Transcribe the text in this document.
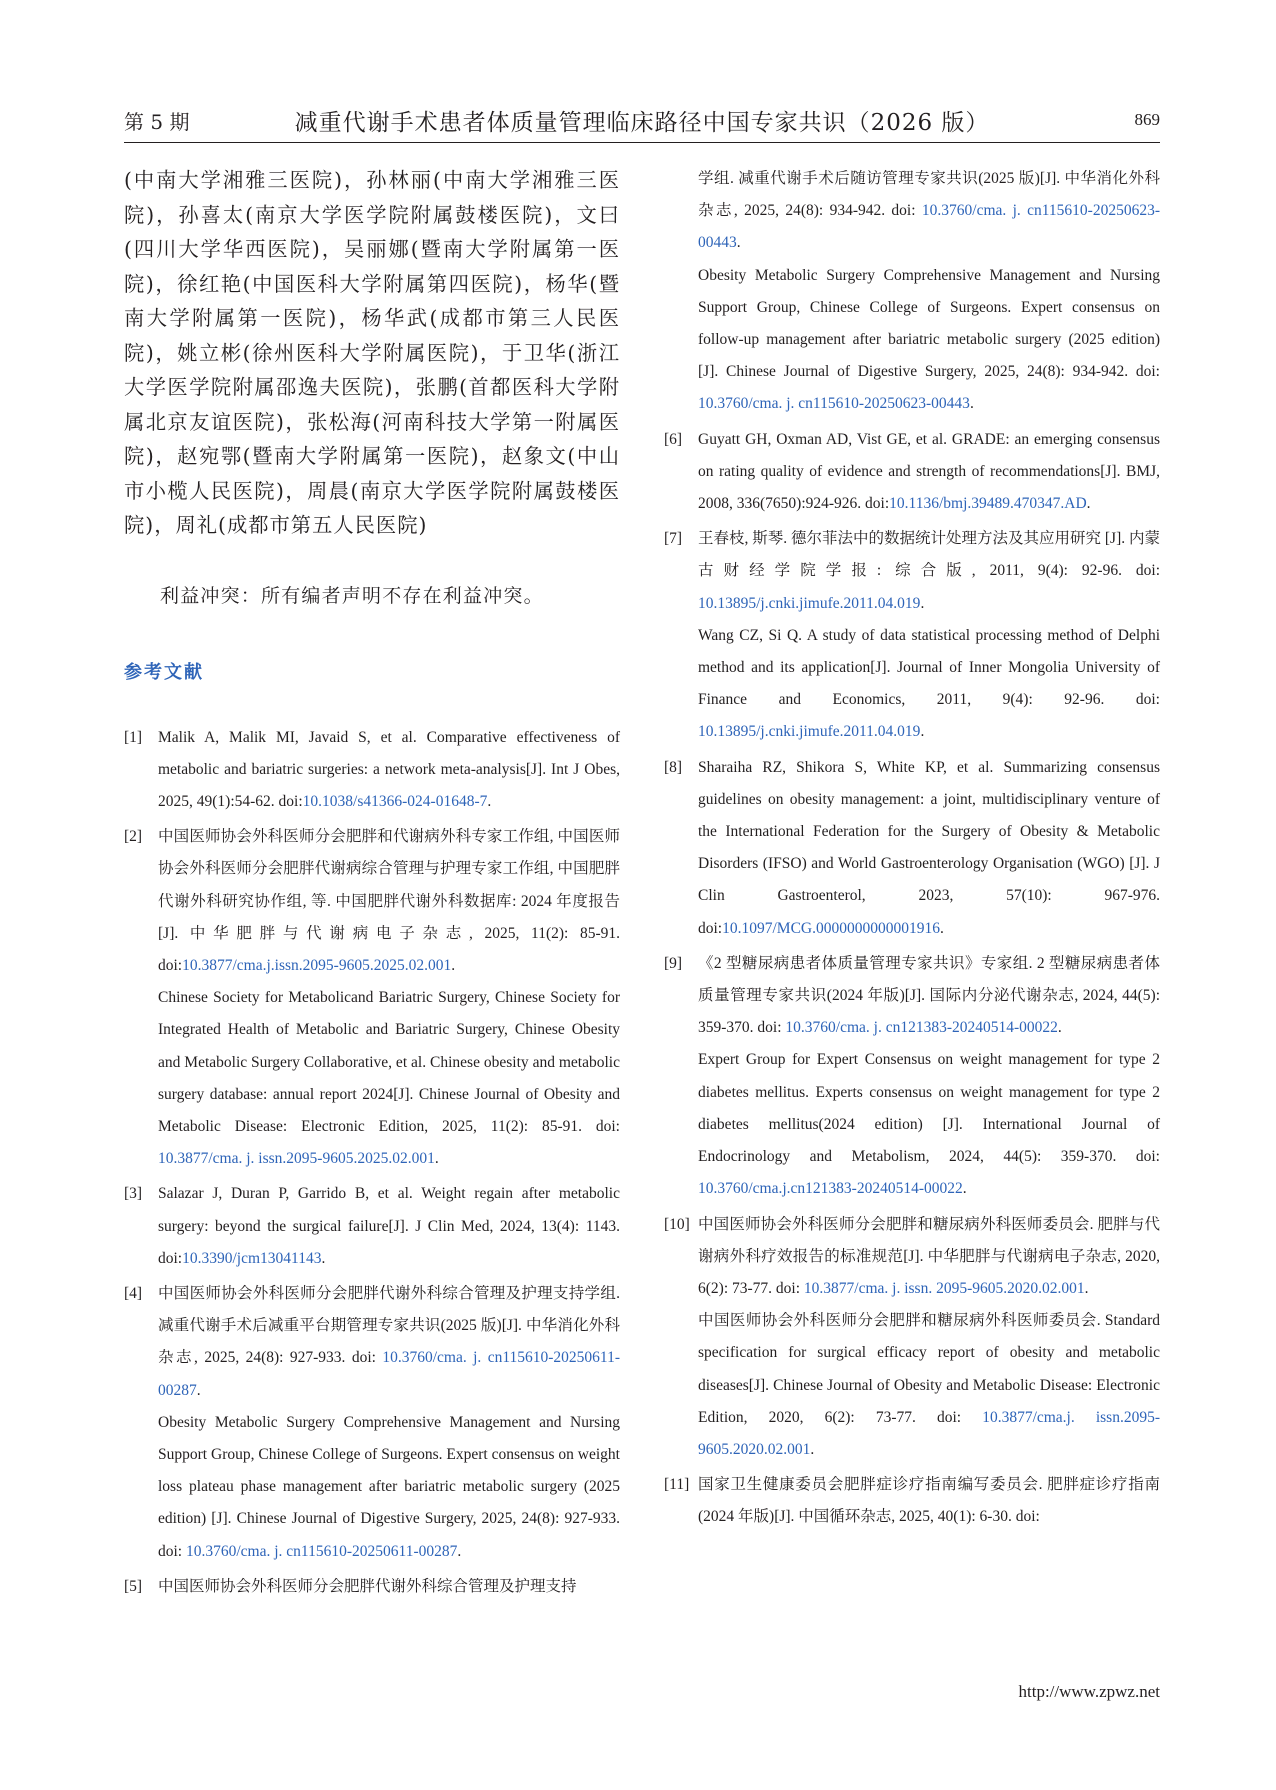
第 5 期	减重代谢手术患者体质量管理临床路径中国专家共识（2026 版）	869

(中南大学湘雅三医院)，孙林丽(中南大学湘雅三医院)，孙喜太(南京大学医学院附属鼓楼医院)，文曰(四川大学华西医院)，吴丽娜(暨南大学附属第一医院)，徐红艳(中国医科大学附属第四医院)，杨华(暨南大学附属第一医院)，杨华武(成都市第三人民医院)，姚立彬(徐州医科大学附属医院)，于卫华(浙江大学医学院附属邵逸夫医院)，张鹏(首都医科大学附属北京友谊医院)，张松海(河南科技大学第一附属医院)，赵宛鄂(暨南大学附属第一医院)，赵象文(中山市小榄人民医院)，周晨(南京大学医学院附属鼓楼医院)，周礼(成都市第五人民医院)

利益冲突：所有编者声明不存在利益冲突。
参考文献
[1] Malik A, Malik MI, Javaid S, et al. Comparative effectiveness of metabolic and bariatric surgeries: a network meta-analysis[J]. Int J Obes, 2025, 49(1):54-62. doi:10.1038/s41366-024-01648-7.

[2] 中国医师协会外科医师分会肥胖和代谢病外科专家工作组, 中国医师协会外科医师分会肥胖代谢病综合管理与护理专家工作组, 中国肥胖代谢外科研究协作组, 等. 中国肥胖代谢外科数据库: 2024 年度报告[J]. 中华肥胖与代谢病电子杂志, 2025, 11(2): 85-91. doi:10.3877/cma.j.issn.2095-9605.2025.02.001.

Chinese Society for Metabolicand Bariatric Surgery, Chinese Society for Integrated Health of Metabolic and Bariatric Surgery, Chinese Obesity and Metabolic Surgery Collaborative, et al. Chinese obesity and metabolic surgery database: annual report 2024[J]. Chinese Journal of Obesity and Metabolic Disease: Electronic Edition, 2025, 11(2): 85-91. doi: 10.3877/cma. j. issn.2095-9605.2025.02.001.

[3] Salazar J, Duran P, Garrido B, et al. Weight regain after metabolic surgery: beyond the surgical failure[J]. J Clin Med, 2024, 13(4): 1143. doi:10.3390/jcm13041143.

[4] 中国医师协会外科医师分会肥胖代谢外科综合管理及护理支持学组. 减重代谢手术后减重平台期管理专家共识(2025 版)[J]. 中华消化外科杂志, 2025, 24(8): 927-933. doi: 10.3760/cma. j. cn115610-20250611-00287.

Obesity Metabolic Surgery Comprehensive Management and Nursing Support Group, Chinese College of Surgeons. Expert consensus on weight loss plateau phase management after bariatric metabolic surgery (2025 edition) [J]. Chinese Journal of Digestive Surgery, 2025, 24(8): 927-933. doi: 10.3760/cma. j. cn115610-20250611-00287.

[5] 中国医师协会外科医师分会肥胖代谢外科综合管理及护理支持

学组. 减重代谢手术后随访管理专家共识(2025 版)[J]. 中华消化外科杂志, 2025, 24(8): 934-942. doi: 10.3760/cma. j. cn115610-20250623-00443.

Obesity Metabolic Surgery Comprehensive Management and Nursing Support Group, Chinese College of Surgeons. Expert consensus on follow-up management after bariatric metabolic surgery (2025 edition) [J]. Chinese Journal of Digestive Surgery, 2025, 24(8): 934-942. doi: 10.3760/cma. j. cn115610-20250623-00443.

[6] Guyatt GH, Oxman AD, Vist GE, et al. GRADE: an emerging consensus on rating quality of evidence and strength of recommendations[J]. BMJ, 2008, 336(7650):924-926. doi:10.1136/bmj.39489.470347.AD.

[7] 王春枝, 斯琴. 德尔菲法中的数据统计处理方法及其应用研究 [J]. 内蒙古财经学院学报: 综合版, 2011, 9(4): 92-96. doi: 10.13895/j.cnki.jimufe.2011.04.019.

Wang CZ, Si Q. A study of data statistical processing method of Delphi method and its application[J]. Journal of Inner Mongolia University of Finance and Economics, 2011, 9(4): 92-96. doi: 10.13895/j.cnki.jimufe.2011.04.019.

[8] Sharaiha RZ, Shikora S, White KP, et al. Summarizing consensus guidelines on obesity management: a joint, multidisciplinary venture of the International Federation for the Surgery of Obesity & Metabolic Disorders (IFSO) and World Gastroenterology Organisation (WGO) [J]. J Clin Gastroenterol, 2023, 57(10): 967-976. doi:10.1097/MCG.0000000000001916.

[9] 《2 型糖尿病患者体质量管理专家共识》专家组. 2 型糖尿病患者体质量管理专家共识(2024 年版)[J]. 国际内分泌代谢杂志, 2024, 44(5): 359-370. doi: 10.3760/cma. j. cn121383-20240514-00022.

Expert Group for Expert Consensus on weight management for type 2 diabetes mellitus. Experts consensus on weight management for type 2 diabetes mellitus(2024 edition) [J]. International Journal of Endocrinology and Metabolism, 2024, 44(5): 359-370. doi: 10.3760/cma.j.cn121383-20240514-00022.

[10] 中国医师协会外科医师分会肥胖和糖尿病外科医师委员会. 肥胖与代谢病外科疗效报告的标准规范[J]. 中华肥胖与代谢病电子杂志, 2020, 6(2): 73-77. doi: 10.3877/cma. j. issn. 2095-9605.2020.02.001.

中国医师协会外科医师分会肥胖和糖尿病外科医师委员会. Standard specification for surgical efficacy report of obesity and metabolic diseases[J]. Chinese Journal of Obesity and Metabolic Disease: Electronic Edition, 2020, 6(2): 73-77. doi: 10.3877/cma.j. issn.2095-9605.2020.02.001.

[11] 国家卫生健康委员会肥胖症诊疗指南编写委员会. 肥胖症诊疗指南(2024 年版)[J]. 中国循环杂志, 2025, 40(1): 6-30. doi:

http://www.zpwz.net
